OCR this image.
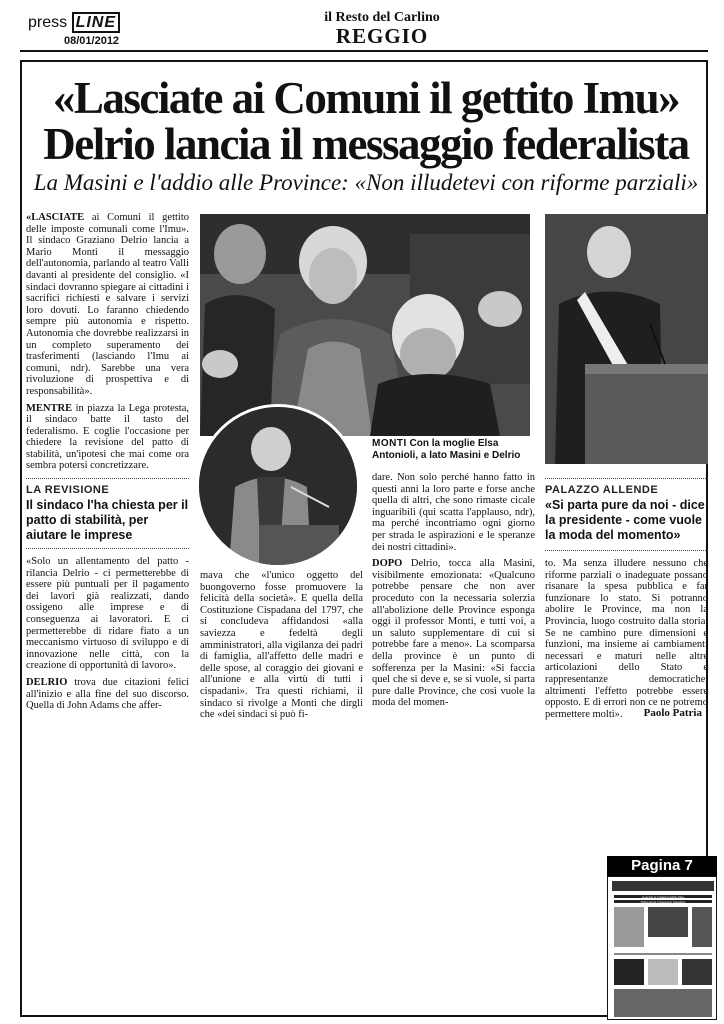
press LINE
08/01/2012
il Resto del Carlino
REGGIO
«Lasciate ai Comuni il gettito Imu»
Delrio lancia il messaggio federalista
La Masini e l'addio alle Province: «Non illudetevi con riforme parziali»

«LASCIATE ai Comuni il gettito delle imposte comunali come l'Imu». Il sindaco Graziano Delrio lancia a Mario Monti il messaggio dell'autonomia, parlando al teatro Valli davanti al presidente del consiglio. «I sindaci dovranno spiegare ai cittadini i sacrifici richiesti e salvare i servizi loro dovuti. Lo faranno chiedendo sempre più autonomia e rispetto. Autonomia che dovrebbe realizzarsi in un completo superamento dei trasferimenti (lasciando l'Imu ai comuni, ndr). Sarebbe una vera rivoluzione di prospettiva e di responsabilità».

MENTRE in piazza la Lega protesta, il sindaco batte il tasto del federalismo. E coglie l'occasione per chiedere la revisione del patto di stabilità, un'ipotesi che mai come ora sembra potersi concretizzare.

LA REVISIONE
Il sindaco l'ha chiesta per il patto di stabilità, per aiutare le imprese

«Solo un allentamento del patto - rilancia Delrio - ci permetterebbe di essere più puntuali per il pagamento dei lavori già realizzati, dando ossigeno alle imprese e di conseguenza ai lavoratori. E ci permetterebbe di ridare fiato a un meccanismo virtuoso di sviluppo e di innovazione nelle città, con la creazione di opportunità di lavoro».

DELRIO trova due citazioni felici all'inizio e alla fine del suo discorso. Quella di John Adams che affer-

mava che «l'unico oggetto del buongoverno fosse promuovere la felicità della società». E quella della Costituzione Cispadana del 1797, che si concludeva affidandosi «alla saviezza e fedeltà degli amministratori, alla vigilanza dei padri di famiglia, all'affetto delle madri e delle spose, al coraggio dei giovani e all'unione e alla virtù di tutti i cispadani». Tra questi richiami, il sindaco si rivolge a Monti che dirgli che «dei sindaci si può fi-

MONTI Con la moglie Elsa Antonioli, a lato Masini e Delrio

dare. Non solo perché hanno fatto in questi anni la loro parte e forse anche quella di altri, che sono rimaste cicale inguaribili (qui scatta l'applauso, ndr), ma perché incontriamo ogni giorno per strada le aspirazioni e le speranze dei nostri cittadini».

DOPO Delrio, tocca alla Masini, visibilmente emozionata: «Qualcuno potrebbe pensare che non aver proceduto con la necessaria solerzia all'abolizione delle Province esponga oggi il professor Monti, e tutti voi, a un saluto supplementare di cui si potrebbe fare a meno». La scomparsa della province è un punto di sofferenza per la Masini: «Si faccia quel che si deve e, se si vuole, si parta pure dalle Province, che così vuole la moda del momen-

PALAZZO ALLENDE
«Si parta pure da noi - dice la presidente - come vuole la moda del momento»

to. Ma senza illudere nessuno che riforme parziali o inadeguate possano risanare la spesa pubblica e far funzionare lo stato. Si potranno abolire le Province, ma non la Provincia, luogo costruito dalla storia. Se ne cambino pure dimensioni e funzioni, ma insieme ai cambiamenti necessari e maturi nelle altre articolazioni dello Stato e rappresentanze democratiche, altrimenti l'effetto potrebbe essere opposto. E di errori non ce ne potremo permettere molti».	Paolo Patria
Pagina 7
«Lasciate ai Comuni il gettito Imu»
Delrio lancia il messaggio federalista
